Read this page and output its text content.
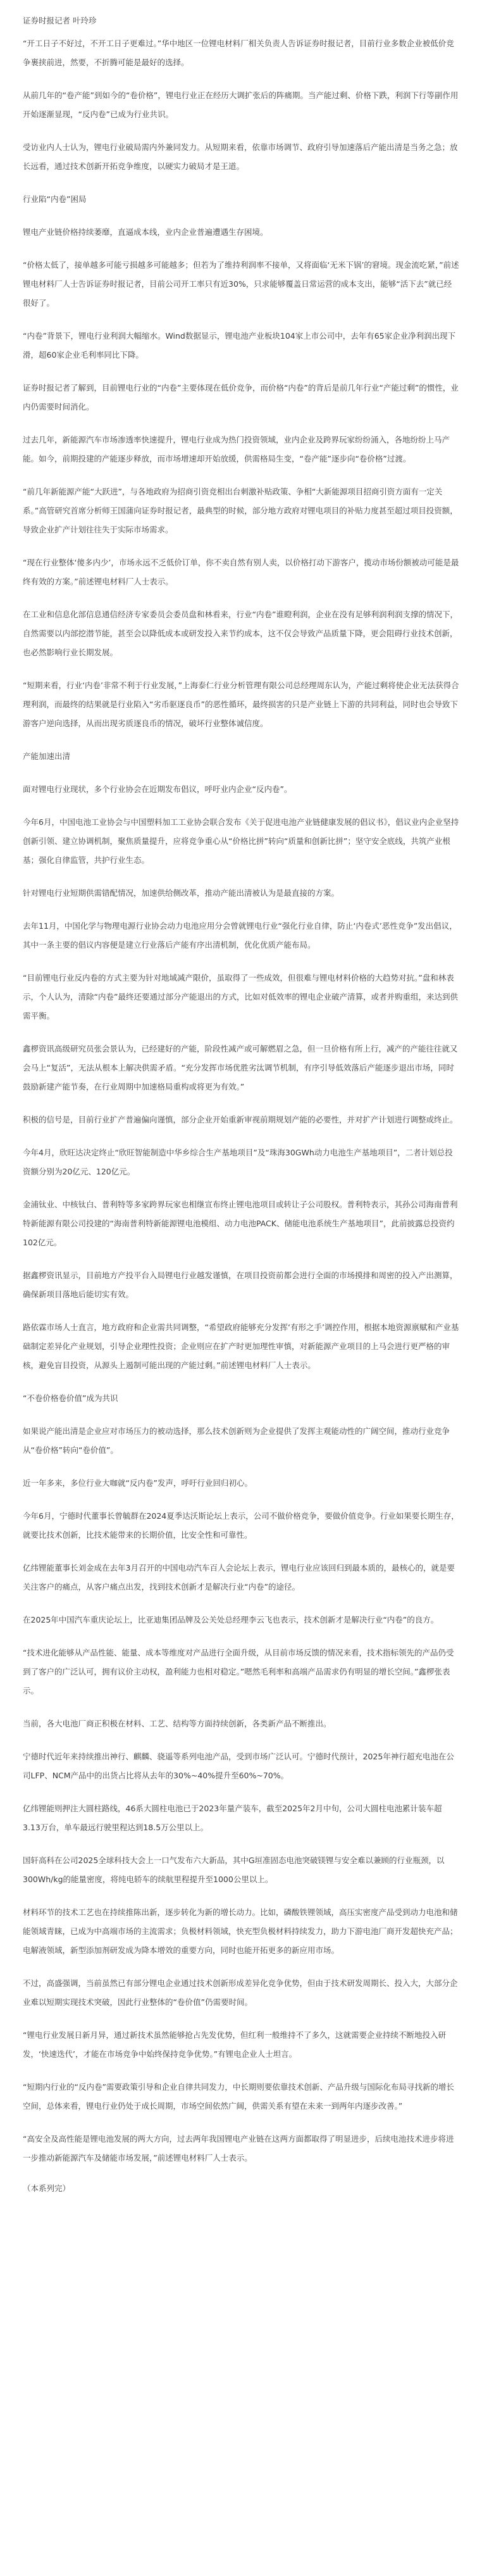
证券时报记者 叶玲珍

“开工日子不好过，不开工日子更难过。”华中地区一位锂电材料厂相关负责人告诉证券时报记者，目前行业多数企业被低价竞争裹挟前进，然要，不折腾可能是最好的选择。

从前几年的“卷产能”到如今的“卷价格”，锂电行业正在经历大调扩张后的阵痛期。当产能过剩、价格下跌，利润下行等副作用开始逐渐显现，“反内卷”已成为行业共识。

受访业内人士认为，锂电行业破局需内外兼同发力。从短期来看，依靠市场调节、政府引导加速落后产能出清是当务之急；放长远看，通过技术创新开拓竞争维度，以硬实力破局才是王道。

行业陷“内卷”困局

锂电产业链价格持续萎靡，直逼成本线，业内企业普遍遭遇生存困境。

“价格太低了，接单越多可能亏损越多可能越多；但若为了维持利润率不接单，又将面临‘无米下锅’的窘境。现金流吃紧，”前述锂电材料厂人士告诉证券时报记者，目前公司开工率只有近30%，只求能够覆盖日常运营的成本支出，能够“活下去”就已经很好了。

“内卷”背景下，锂电行业利润大幅缩水。Wind数据显示，锂电池产业板块104家上市公司中，去年有65家企业净利润出现下滑，超60家企业毛利率同比下降。

证券时报记者了解到，目前锂电行业的“内卷”主要体现在低价竞争，而价格“内卷”的背后是前几年行业“产能过剩”的惯性，业内仍需要时间消化。

过去几年，新能源汽车市场渗透率快速提升，锂电行业成为热门投资领域，业内企业及跨界玩家纷纷涌入，各地纷纷上马产能。如今，前期投建的产能逐步释放，而市场增速却开始放缓，供需格局生变，“卷产能”逐步向“卷价格”过渡。

“前几年新能源产能“大跃进”，与各地政府为招商引资竞相出台刺激补贴政策、争相“大新能源项目招商引资方面有一定关系。”高管研究首席分析师王国蒲向证券时报记者，最典型的时候，部分地方政府对锂电项目的补贴力度甚至超过项目投资额，导致企业扩产计划往往失于实际市场需求。

“现在行业整体‘傻多内少’，市场永远不乏低价订单，你不卖自然有别人卖，以价格打动下游客户，揽动市场份额被动可能是最终有效的方案。”前述锂电材料厂人士表示。

在工业和信息化部信息通信经济专家委员会委员盘和林看来，行业“内卷”谁瞪利润，企业在没有足够利润利润支撑的情况下，自然需要以内部挖潜节能，甚至会以降低成本或研发投入来节约成本，这不仅会导致产品质量下降，更会阻碍行业技术创新，也必然影响行业长期发展。

“短期来看，行业‘内卷’非常不利于行业发展，”上海泰仁行业分析管理有限公司总经理周东认为，产能过剩将使企业无法获得合理利润，而最终的结果就是行业陷入“劣币驱逐良币”的恶性循环，最终损害的只是产业链上下游的共同利益，同时也会导致下游客户逆向选择，从而出现劣质逐良币的情况，破坏行业整体诚信度。

产能加速出清

面对锂电行业现状，多个行业协会在近期发布倡议，呼吁业内企业“反内卷”。

今年6月，中国电池工业协会与中国塑料加工工业协会联合发布《关于促进电池产业链健康发展的倡议书》，倡议业内企业坚持创新引领、建立协调机制，聚焦质量提升，应将竞争重心从“价格比拼”转向“质量和创新比拼”；坚守安全底线，共筑产业根基；强化自律监管，共护行业生态。

针对锂电行业短期供需错配情况，加速供给侧改革，推动产能出清被认为是最直接的方案。

去年11月，中国化学与物理电源行业协会动力电池应用分会曾就锂电行业“强化行业自律，防止‘内卷式’恶性竞争”发出倡议，其中一条主要的倡议内容便是建立行业落后产能有序出清机制，优化优质产能布局。

“目前锂电行业反内卷的方式主要为针对地域减产限价，虽取得了一些成效，但很难与锂电材料价格的大趋势对抗。”盘和林表示，个人认为，清除“内卷”最终还要通过部分产能退出的方式，比如对低效率的锂电企业破产清算，或者并购重组，来达到供需平衡。

鑫椤资讯高级研究员张会景认为，已经建好的产能，阶段性减产或可解燃眉之急，但一旦价格有所上行，减产的产能往往就又会马上“复活”，无法从根本上解决供需矛盾。“充分发挥市场优胜劣汰调节机制，有序引导低效落后产能逐步退出市场，同时鼓励新建产能节奏，在行业周期中加速格局重构或将更为有效。”

积极的信号是，目前行业扩产普遍偏向谨慎，部分企业开始重新审视前期规划产能的必要性，并对扩产计划进行调整或终止。

今年4月，欣旺达决定终止“欣旺智能制造中华乡综合生产基地项目”及“珠海30GWh动力电池生产基地项目”，二者计划总投资额分别为20亿元、120亿元。

金浦钛业、中核钛白、普利特等多家跨界玩家也相继宣布终止锂电池项目或转让子公司股权。普利特表示，其孙公司海南普利特新能源有限公司投建的“海南普利特新能源锂电池模组、动力电池PACK、储能电池系统生产基地项目”，此前披露总投资约102亿元。

据鑫椤资讯显示，目前地方产投平台入局锂电行业越发谨慎，在项目投资前都会进行全面的市场摸排和周密的投入产出测算，确保新项目落地后能切实有效。

路依霖市场人士直言，地方政府和企业需共同调整，“希望政府能够充分发挥‘有形之手’调控作用，根据本地资源禀赋和产业基础制定差异化产业规划，引导企业理性投资；企业则应在扩产时更加理性审慎，对新能源产业项目的上马会进行更严格的审核，避免盲目投资，从源头上遏制可能出现的产能过剩。”前述锂电材料厂人士表示。

“不卷价格卷价值”成为共识

如果说产能出清是企业应对市场压力的被动选择，那么技术创新则为企业提供了发挥主观能动性的广阔空间，推动行业竞争从“卷价格”转向“卷价值”。

近一年多来，多位行业大咖就“反内卷”发声，呼吁行业回归初心。

今年6月，宁德时代董事长曾毓群在2024夏季达沃斯论坛上表示，公司不做价格竞争，要做价值竞争。行业如果要长期生存，就要比技术创新，比技术能带来的长期价值，比安全性和可靠性。

亿纬锂能董事长刘金成在去年3月召开的中国电动汽车百人会论坛上表示，锂电行业应该回归到最本质的，最核心的，就是要关注客户的痛点，从客户痛点出发，找到技术创新才是解决行业“内卷”的途径。

在2025年中国汽车重庆论坛上，比亚迪集团品牌及公关处总经理李云飞也表示，技术创新才是解决行业“内卷”的良方。

“技术进化能够从产品性能、能量、成本等维度对产品进行全面升级，从目前市场反馈的情况来看，技术指标领先的产品仍受到了客户的广泛认可，拥有议价主动权，盈利能力也相对稳定。”嗯然毛利率和高端产品需求仍有明显的增长空间。”鑫椤张表示。

当前，各大电池厂商正积极在材料、工艺、结构等方面持续创新，各类新产品不断推出。

宁德时代近年来持续推出神行、麒麟、骁遥等系列电池产品，受到市场广泛认可。宁德时代预计，2025年神行超充电池在公司LFP、NCM产品中的出货占比将从去年的30%~40%提升至60%~70%。

亿纬锂能则押注大圆柱路线，46系大圆柱电池已于2023年量产装车，截至2025年2月中旬，公司大圆柱电池累计装车超3.13万台，单车最远行驶里程达到18.5万公里以上。

国轩高科在公司2025全球科技大会上一口气发布六大新品，其中G垣准固态电池突破镁锂与安全难以兼顾的行业瓶颈，以300Wh/kg的能量密度，将纯电轿车的续航里程提升至1000公里以上。

材料环节的技术工艺也在持续推陈出新，逐步转化为新的增长动力。比如，磷酸铁锂领域，高压实密度产品受到动力电池和储能领域青睐，已成为中高端市场的主流需求；负极材料领域，快充型负极材料持续发力，助力下游电池厂商开发超快充产品；电解液领域，新型添加剂研发成为降本增效的重要方向，同时也能开拓更多的新应用市场。

不过，高盛强调，当前虽然已有部分锂电企业通过技术创新形成差异化竞争优势，但由于技术研发周期长、投入大，大部分企业难以短期实现技术突破，因此行业整体的“卷价值”仍需要时间。

“锂电行业发展日新月异，通过新技术虽然能够抢占先发优势，但红利一般维持不了多久，这就需要企业持续不断地投入研发，‘快速迭代’，才能在市场竞争中始终保持竞争优势。”有锂电企业人士坦言。

“短期内行业的“反内卷”需要政策引导和企业自律共同发力，中长期则要依靠技术创新、产品升级与国际化布局寻找新的增长空间，总体来看，锂电行业仍处于成长周期，市场空间依然广阔，供需关系有望在未来一到两年内逐步改善。”

“高安全及高性能是锂电池发展的两大方向，过去两年我国锂电产业链在这两方面都取得了明显进步，后续电池技术进步将进一步推动新能源汽车及储能市场发展，”前述锂电材料厂人士表示。

（本系列完）
